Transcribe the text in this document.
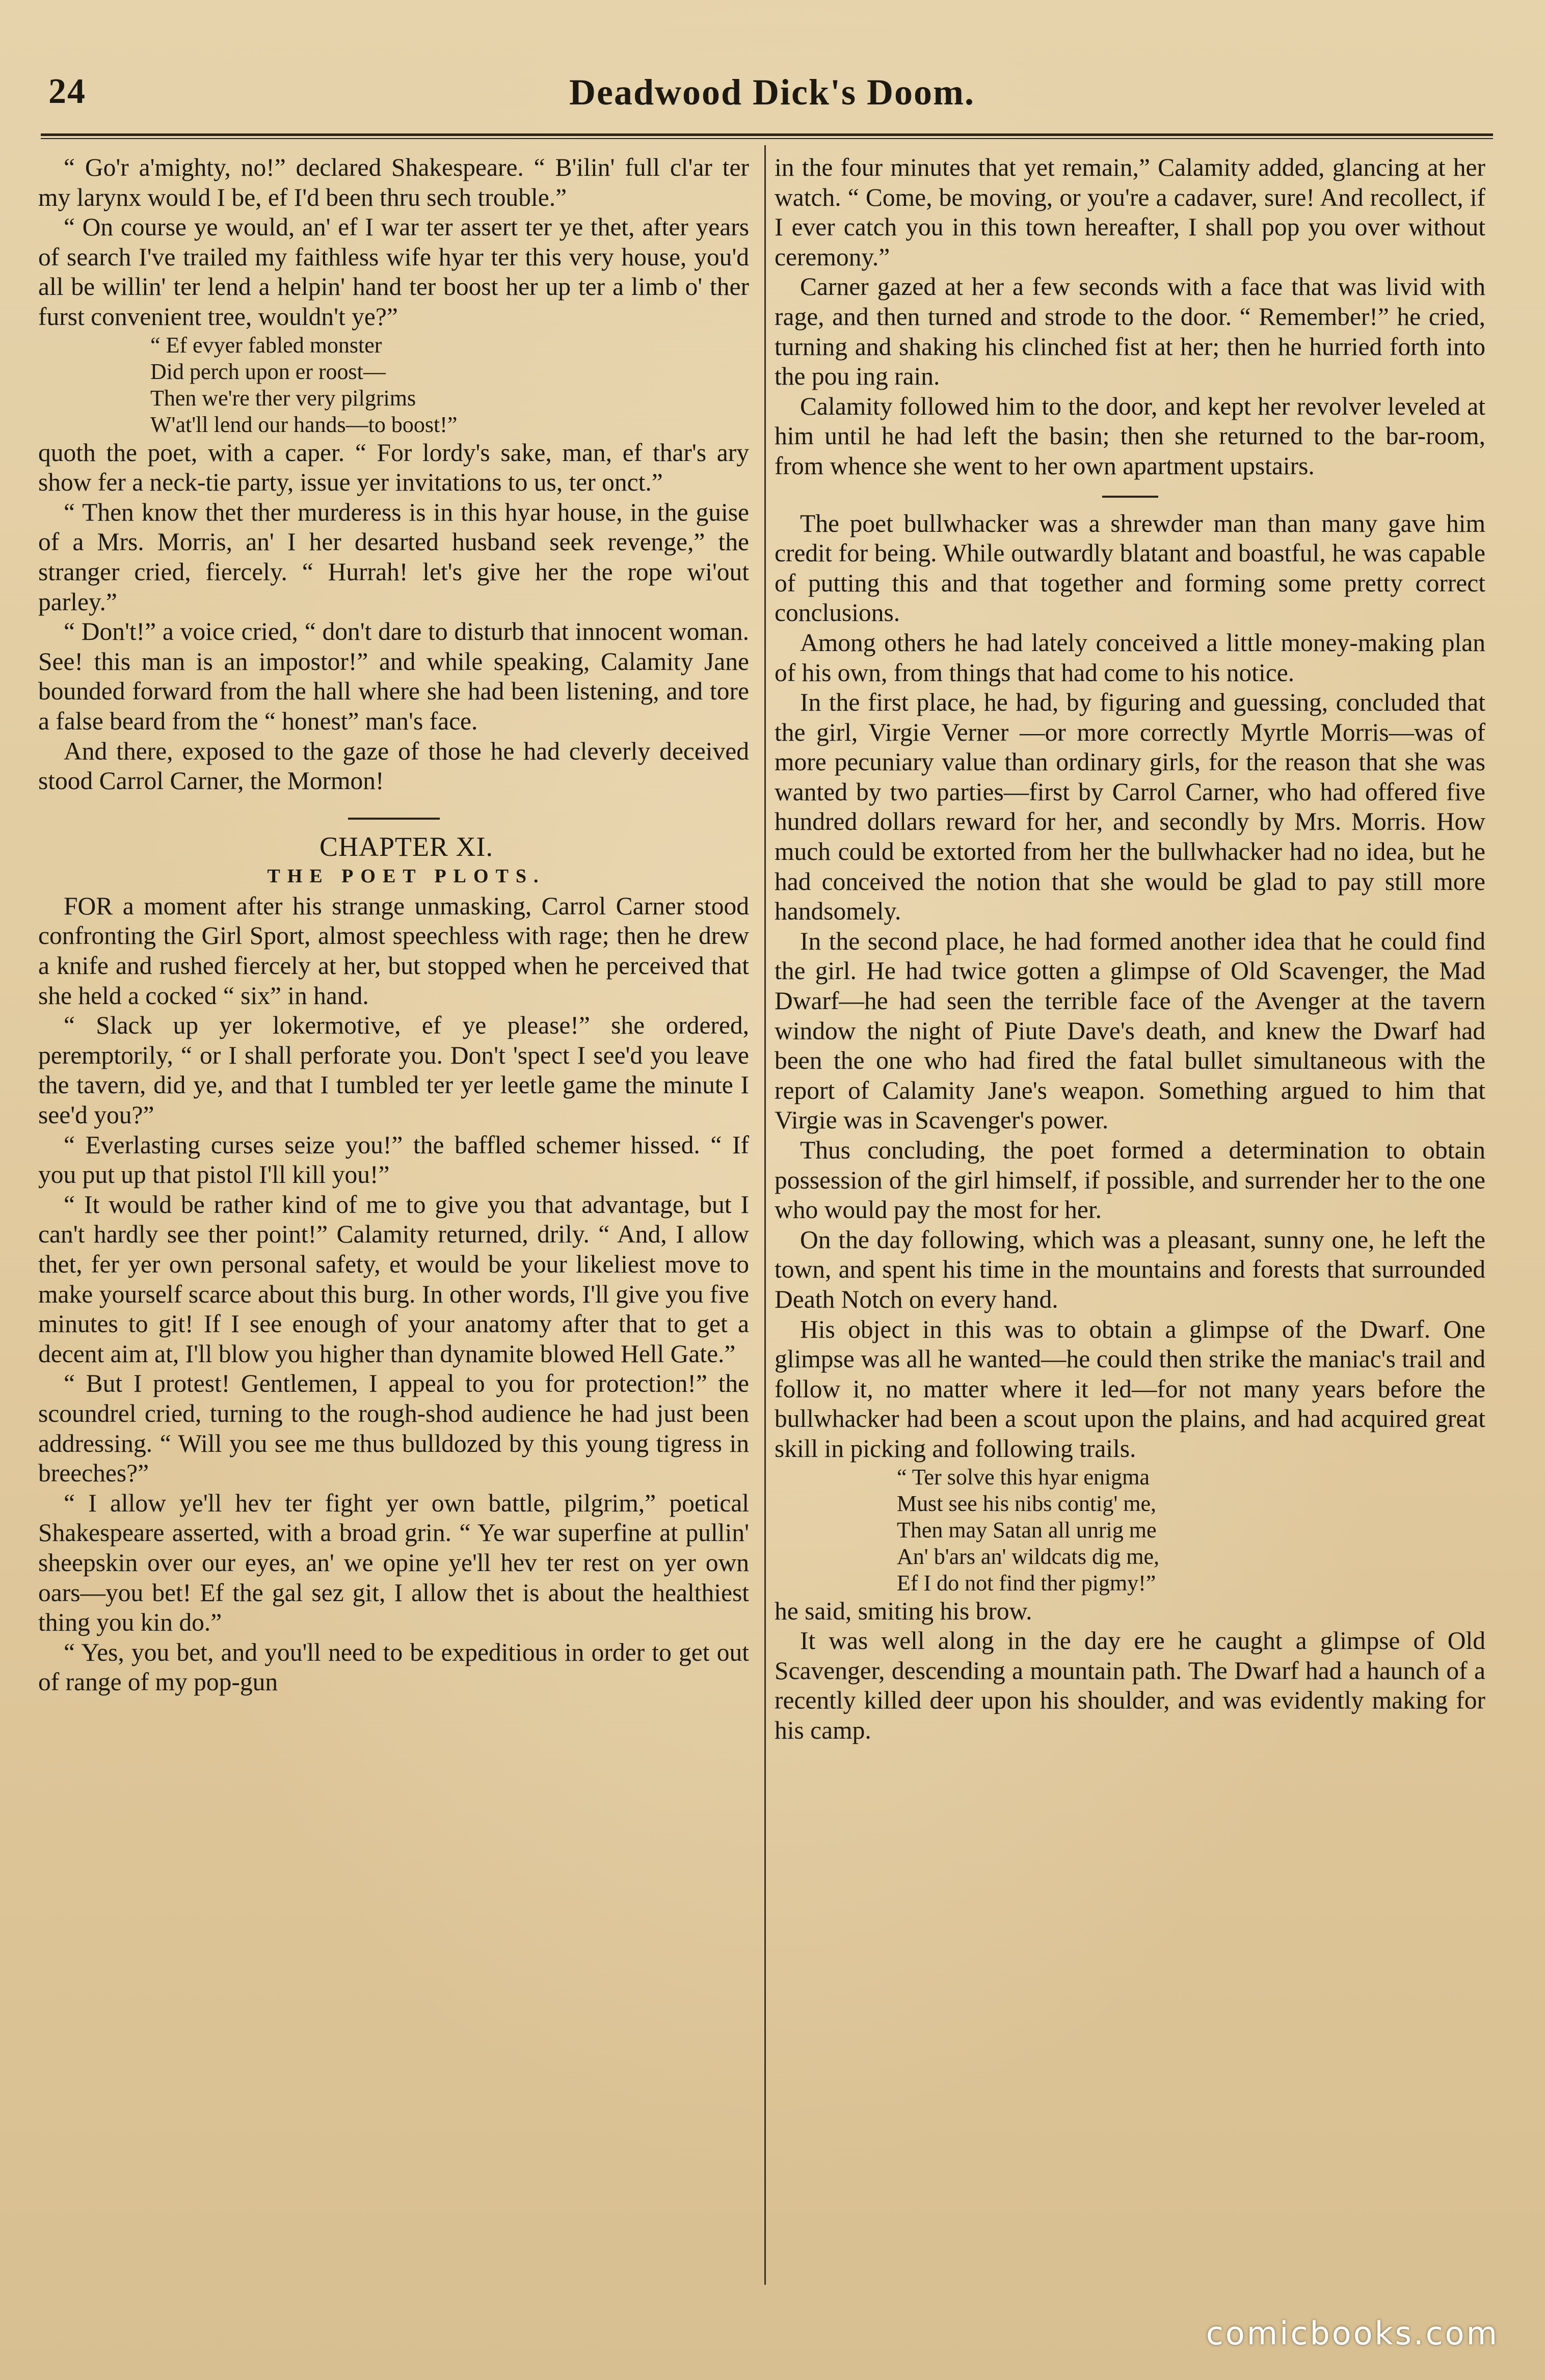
24	Deadwood Dick's Doom.

“ Go'r a'mighty, no!” declared Shakespeare. “ B'ilin' full cl'ar ter my larynx would I be, ef I'd been thru sech trouble.”

“ On course ye would, an' ef I war ter assert ter ye thet, after years of search I've trailed my faithless wife hyar ter this very house, you'd all be willin' ter lend a helpin' hand ter boost her up ter a limb o' ther furst convenient tree, wouldn't ye?”

“ Ef evyer fabled monster
Did perch upon er roost—
Then we're ther very pilgrims
W'at'll lend our hands—to boost!”

quoth the poet, with a caper. “ For lordy's sake, man, ef thar's ary show fer a neck-tie party, issue yer invitations to us, ter onct.”

“ Then know thet ther murderess is in this hyar house, in the guise of a Mrs. Morris, an' I her desarted husband seek revenge,” the stranger cried, fiercely. “ Hurrah! let's give her the rope wi'out parley.”

“ Don't!” a voice cried, “ don't dare to disturb that innocent woman. See! this man is an impostor!” and while speaking, Calamity Jane bounded forward from the hall where she had been listening, and tore a false beard from the “ honest” man's face.

And there, exposed to the gaze of those he had cleverly deceived stood Carrol Carner, the Mormon!

CHAPTER XI.

THE POET PLOTS.

FOR a moment after his strange unmasking, Carrol Carner stood confronting the Girl Sport, almost speechless with rage; then he drew a knife and rushed fiercely at her, but stopped when he perceived that she held a cocked “ six” in hand.

“ Slack up yer lokermotive, ef ye please!” she ordered, peremptorily, “ or I shall perforate you. Don't 'spect I see'd you leave the tavern, did ye, and that I tumbled ter yer leetle game the minute I see'd you?”

“ Everlasting curses seize you!” the baffled schemer hissed. “ If you put up that pistol I'll kill you!”

“ It would be rather kind of me to give you that advantage, but I can't hardly see ther point!” Calamity returned, drily. “ And, I allow thet, fer yer own personal safety, et would be your likeliest move to make yourself scarce about this burg. In other words, I'll give you five minutes to git! If I see enough of your anatomy after that to get a decent aim at, I'll blow you higher than dynamite blowed Hell Gate.”

“ But I protest! Gentlemen, I appeal to you for protection!” the scoundrel cried, turning to the rough-shod audience he had just been addressing. “ Will you see me thus bulldozed by this young tigress in breeches?”

“ I allow ye'll hev ter fight yer own battle, pilgrim,” poetical Shakespeare asserted, with a broad grin. “ Ye war superfine at pullin' sheepskin over our eyes, an' we opine ye'll hev ter rest on yer own oars—you bet! Ef the gal sez git, I allow thet is about the healthiest thing you kin do.”

“ Yes, you bet, and you'll need to be expeditious in order to get out of range of my pop-gun

in the four minutes that yet remain,” Calamity added, glancing at her watch. “ Come, be moving, or you're a cadaver, sure! And recollect, if I ever catch you in this town hereafter, I shall pop you over without ceremony.”

Carner gazed at her a few seconds with a face that was livid with rage, and then turned and strode to the door. “ Remember!” he cried, turning and shaking his clinched fist at her; then he hurried forth into the pou ing rain.

Calamity followed him to the door, and kept her revolver leveled at him until he had left the basin; then she returned to the bar-room, from whence she went to her own apartment upstairs.

The poet bullwhacker was a shrewder man than many gave him credit for being. While outwardly blatant and boastful, he was capable of putting this and that together and forming some pretty correct conclusions.

Among others he had lately conceived a little money-making plan of his own, from things that had come to his notice.

In the first place, he had, by figuring and guessing, concluded that the girl, Virgie Verner —or more correctly Myrtle Morris—was of more pecuniary value than ordinary girls, for the reason that she was wanted by two parties—first by Carrol Carner, who had offered five hundred dollars reward for her, and secondly by Mrs. Morris. How much could be extorted from her the bullwhacker had no idea, but he had conceived the notion that she would be glad to pay still more handsomely.

In the second place, he had formed another idea that he could find the girl. He had twice gotten a glimpse of Old Scavenger, the Mad Dwarf—he had seen the terrible face of the Avenger at the tavern window the night of Piute Dave's death, and knew the Dwarf had been the one who had fired the fatal bullet simultaneous with the report of Calamity Jane's weapon. Something argued to him that Virgie was in Scavenger's power.

Thus concluding, the poet formed a determination to obtain possession of the girl himself, if possible, and surrender her to the one who would pay the most for her.

On the day following, which was a pleasant, sunny one, he left the town, and spent his time in the mountains and forests that surrounded Death Notch on every hand.

His object in this was to obtain a glimpse of the Dwarf. One glimpse was all he wanted—he could then strike the maniac's trail and follow it, no matter where it led—for not many years before the bullwhacker had been a scout upon the plains, and had acquired great skill in picking and following trails.

“ Ter solve this hyar enigma
Must see his nibs contig' me,
Then may Satan all unrig me
An' b'ars an' wildcats dig me,
Ef I do not find ther pigmy!”

he said, smiting his brow.

It was well along in the day ere he caught a glimpse of Old Scavenger, descending a mountain path. The Dwarf had a haunch of a recently killed deer upon his shoulder, and was evidently making for his camp.

comicbooks.com
